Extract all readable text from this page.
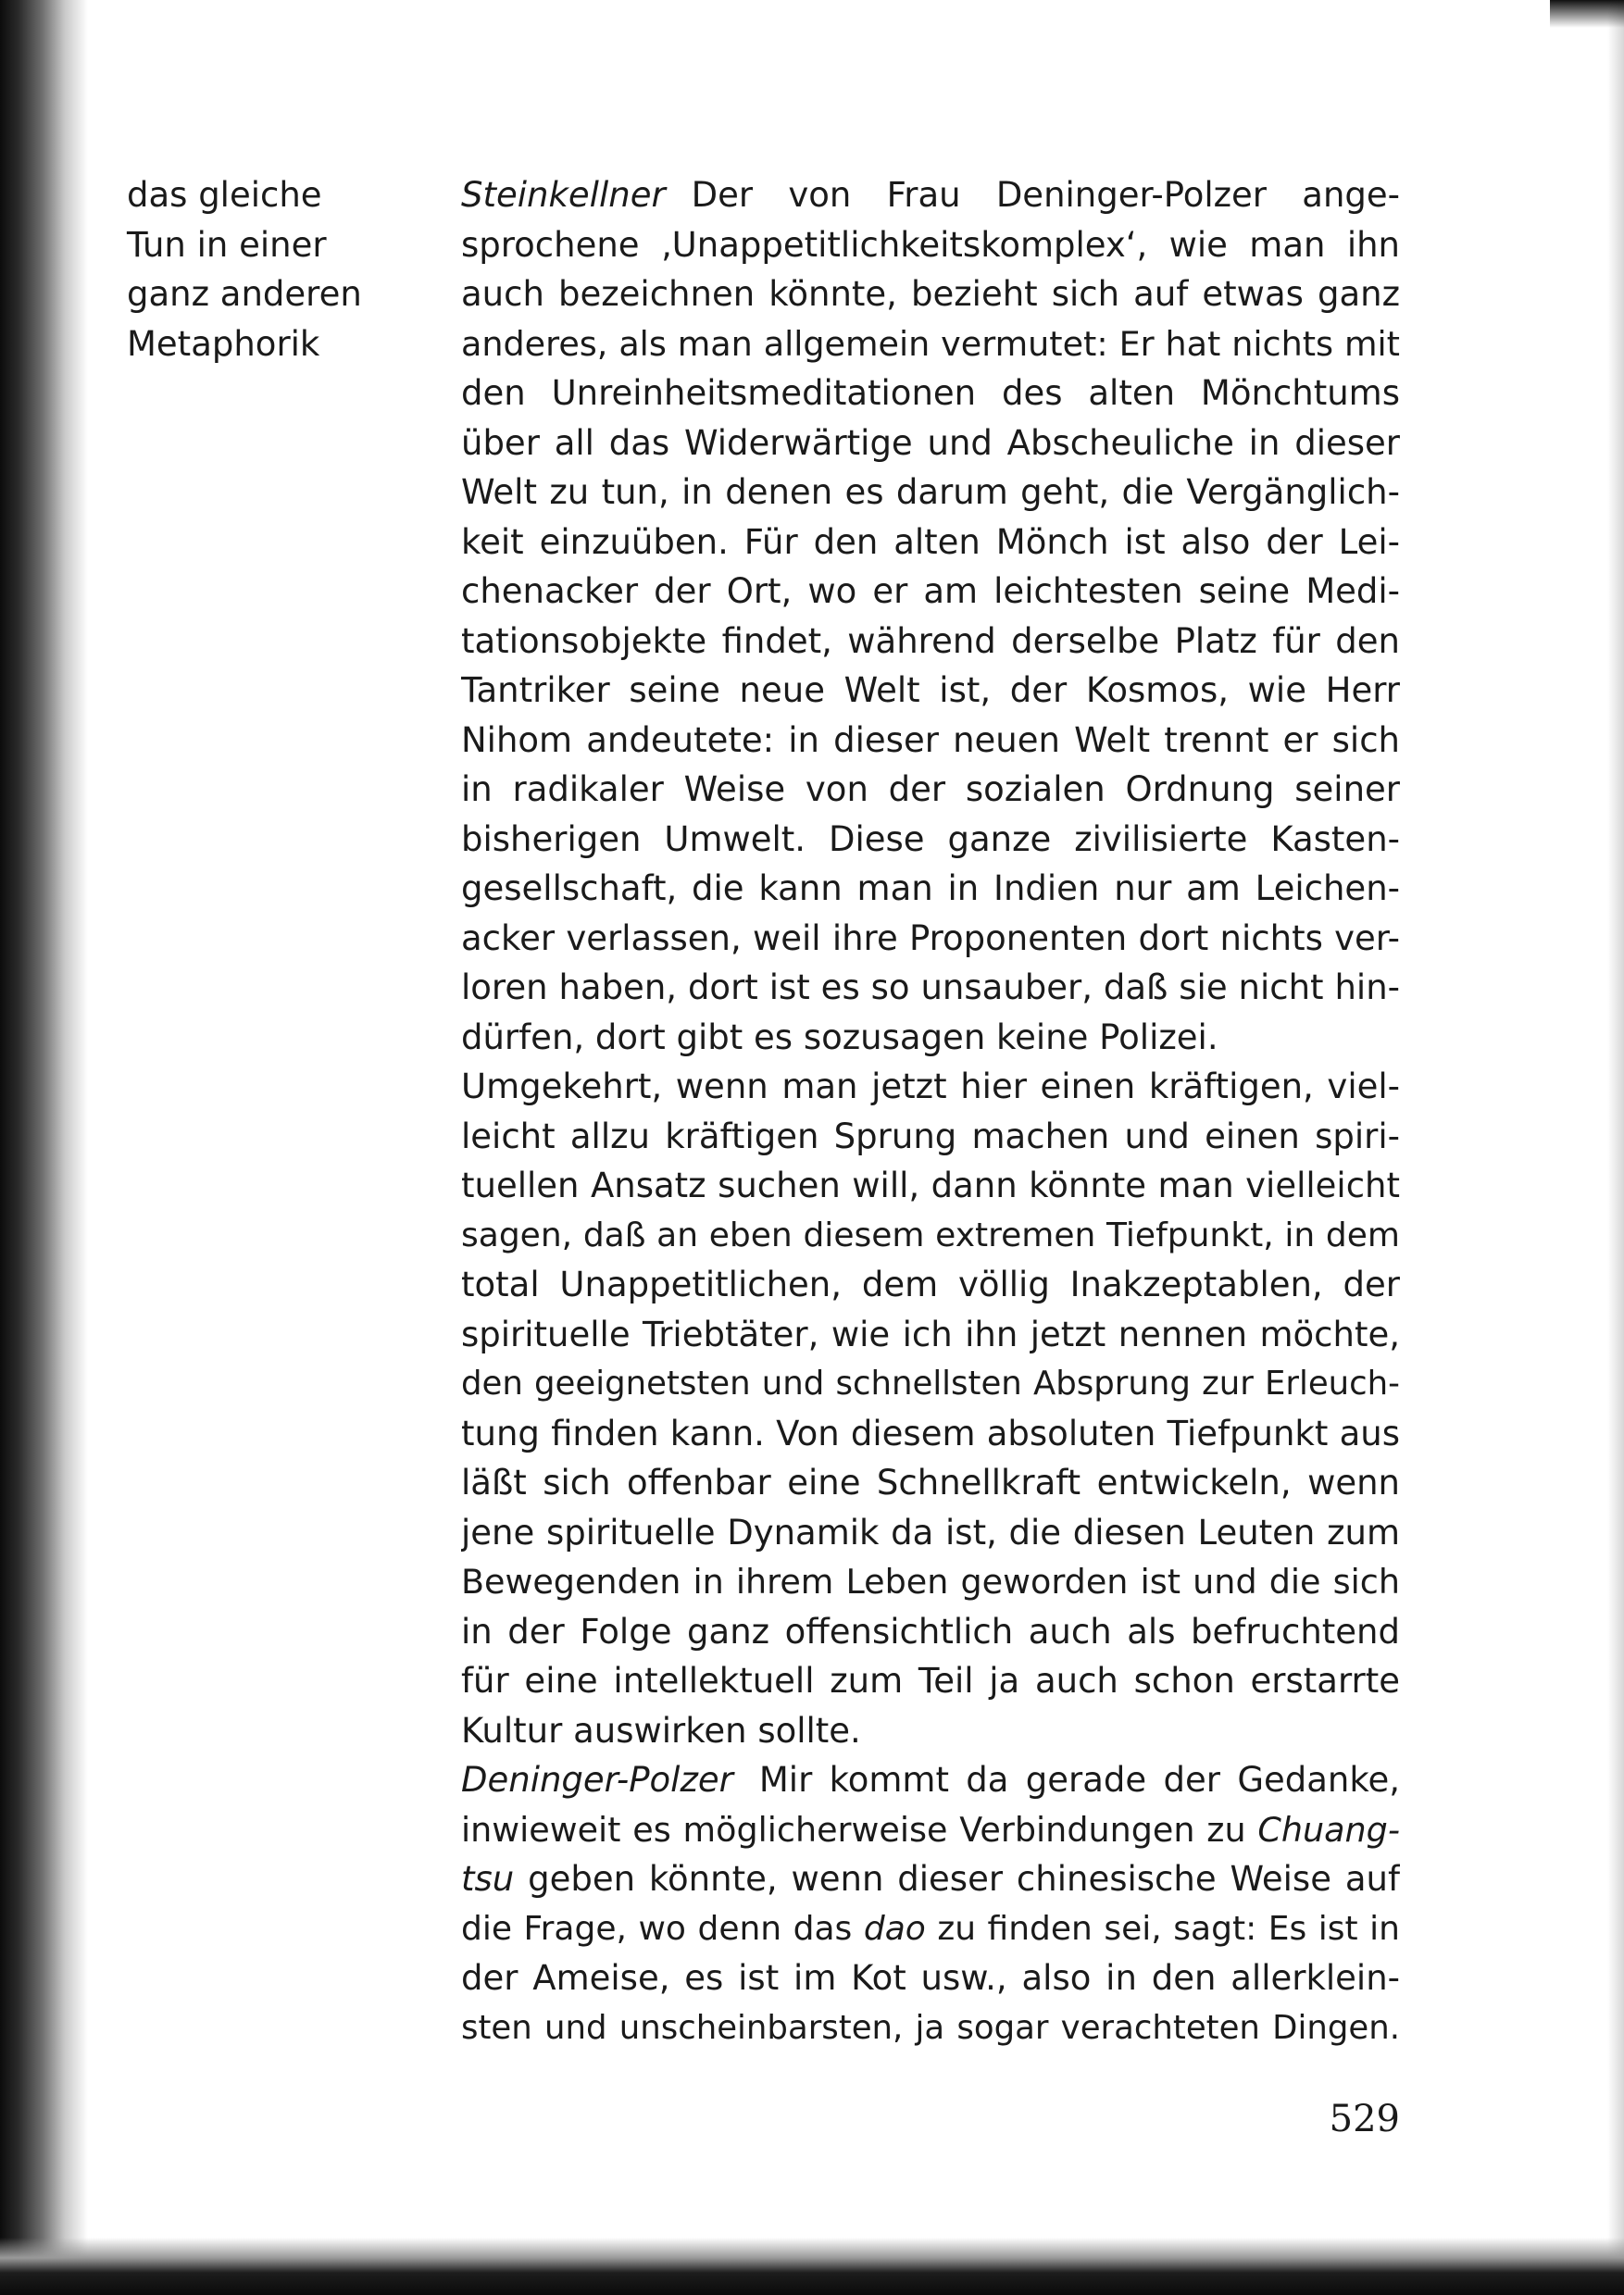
das gleiche
Tun in einer
ganz anderen
Metaphorik
Steinkellner Der von Frau Deninger-Polzer ange-
sprochene ‚Unappetitlichkeitskomplex‘, wie man ihn
auch bezeichnen könnte, bezieht sich auf etwas ganz
anderes, als man allgemein vermutet: Er hat nichts mit
den Unreinheitsmeditationen des alten Mönchtums
über all das Widerwärtige und Abscheuliche in dieser
Welt zu tun, in denen es darum geht, die Vergänglich-
keit einzuüben. Für den alten Mönch ist also der Lei-
chenacker der Ort, wo er am leichtesten seine Medi-
tationsobjekte findet, während derselbe Platz für den
Tantriker seine neue Welt ist, der Kosmos, wie Herr
Nihom andeutete: in dieser neuen Welt trennt er sich
in radikaler Weise von der sozialen Ordnung seiner
bisherigen Umwelt. Diese ganze zivilisierte Kasten-
gesellschaft, die kann man in Indien nur am Leichen-
acker verlassen, weil ihre Proponenten dort nichts ver-
loren haben, dort ist es so unsauber, daß sie nicht hin-
dürfen, dort gibt es sozusagen keine Polizei.
Umgekehrt, wenn man jetzt hier einen kräftigen, viel-
leicht allzu kräftigen Sprung machen und einen spiri-
tuellen Ansatz suchen will, dann könnte man vielleicht
sagen, daß an eben diesem extremen Tiefpunkt, in dem
total Unappetitlichen, dem völlig Inakzeptablen, der
spirituelle Triebtäter, wie ich ihn jetzt nennen möchte,
den geeignetsten und schnellsten Absprung zur Erleuch-
tung finden kann. Von diesem absoluten Tiefpunkt aus
läßt sich offenbar eine Schnellkraft entwickeln, wenn
jene spirituelle Dynamik da ist, die diesen Leuten zum
Bewegenden in ihrem Leben geworden ist und die sich
in der Folge ganz offensichtlich auch als befruchtend
für eine intellektuell zum Teil ja auch schon erstarrte
Kultur auswirken sollte.
Deninger-Polzer Mir kommt da gerade der Gedanke,
inwieweit es möglicherweise Verbindungen zu Chuang-
tsu geben könnte, wenn dieser chinesische Weise auf
die Frage, wo denn das dao zu finden sei, sagt: Es ist in
der Ameise, es ist im Kot usw., also in den allerklein-
sten und unscheinbarsten, ja sogar verachteten Dingen.
529
